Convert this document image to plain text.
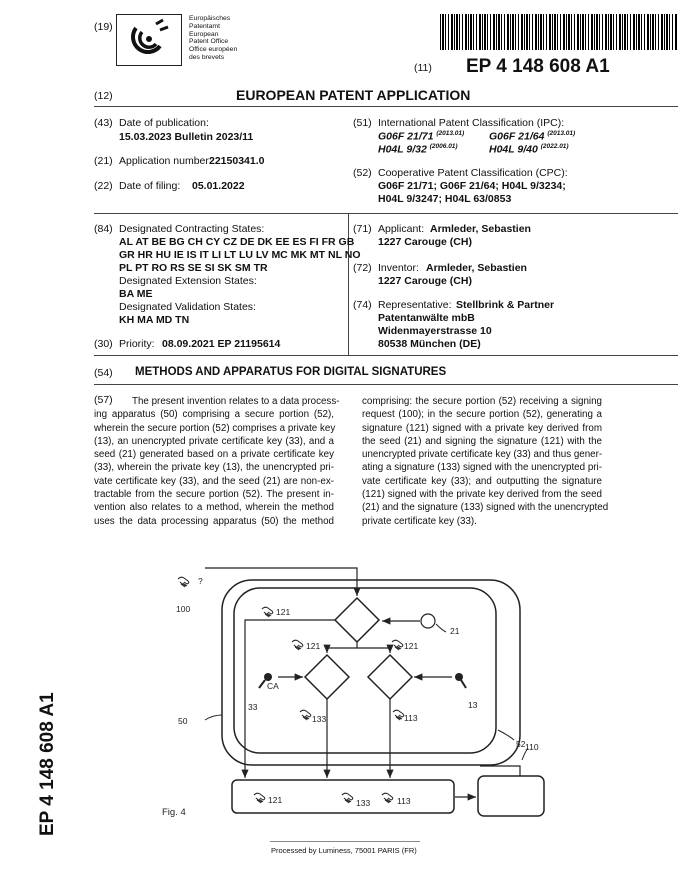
(19)
Europäisches
Patentamt
European
Patent Office
Office européen
des brevets
(11) EP 4 148 608 A1
(12)	EUROPEAN PATENT APPLICATION
(43) Date of publication:
15.03.2023 Bulletin 2023/11
(21) Application number:
22150341.0
(22) Date of filing: 05.01.2022
(51) International Patent Classification (IPC):
G06F 21/71 $^{(2013.01)}$ G06F 21/64 $^{(2013.01)}$
H04L 9/32 $^{(2006.01)}$	H04L 9/40 $^{(2022.01)}$
(52) Cooperative Patent Classification (CPC):
G06F 21/71; G06F 21/64; H04L 9/3234;
H04L 9/3247; H04L 63/0853
(84) Designated Contracting States:
AL AT BE BG CH CY CZ DE DK EE ES FI FR GB
GR HR HU IE IS IT LI LT LU LV MC MK MT NL NO
PL PT RO RS SE SI SK SM TR
Designated Extension States:
BA ME
Designated Validation States:
KH MA MD TN
(30) Priority: 08.09.2021 EP 21195614
(71) Applicant: Armleder, Sebastien
1227 Carouge (CH)
(72) Inventor: Armleder, Sebastien
1227 Carouge (CH)
(74) Representative: Stellbrink & Partner
Patentanwälte mbB
Widenmayerstrasse 10
80538 München (DE)
(54) METHODS AND APPARATUS FOR DIGITAL SIGNATURES
(57)	The present invention relates to a data process-
ing apparatus (50) comprising a secure portion (52),
wherein the secure portion (52) comprises a private key
(13), an unencrypted private certificate key (33), and a
seed (21) generated based on a private certificate key
(33), wherein the private key (13), the unencrypted pri-
vate certificate key (33), and the seed (21) are non-ex-
tractable from the secure portion (52). The present in-
vention also relates to a method, wherein the method
uses the data processing apparatus (50) the method
comprising: the secure portion (52) receiving a signing
request (100); in the secure portion (52), generating a
signature (121) signed with a private key derived from
the seed (21) and signing the signature (121) with the
unencrypted private certificate key (33) and thus gener-
ating a signature (133) signed with the unencrypted pri-
vate certificate key (33); and outputting the signature
(121) signed with the private key derived from the seed
(21) and the signature (133) signed with the unencrypted
private certificate key (33).
EP 4 148 608 A1
?
100	121
121	121
21
CA
33
133	113
13
50
52 110
121	133	113
Fig. 4
Processed by Luminess, 75001 PARIS (FR)
